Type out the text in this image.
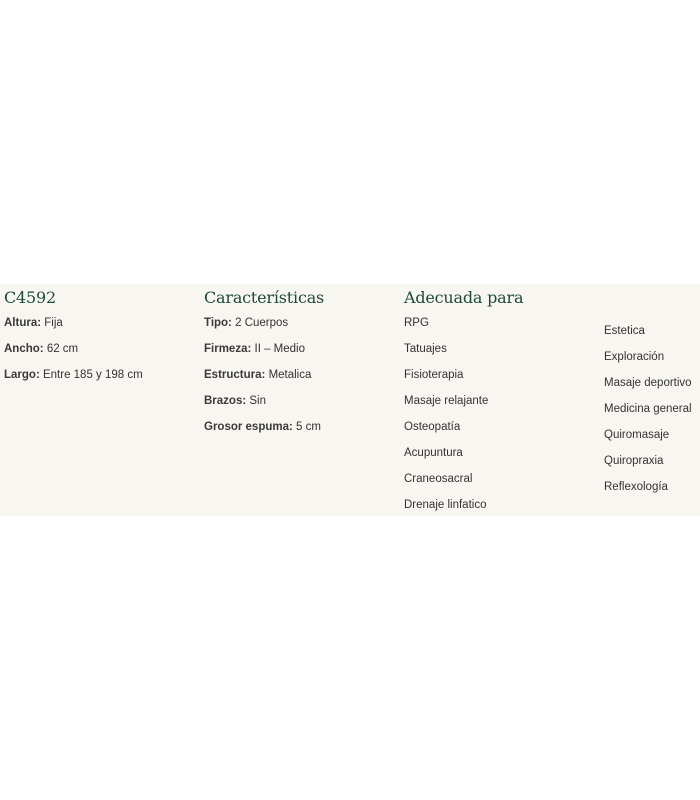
C4592
Altura: Fija
Ancho: 62 cm
Largo: Entre 185 y 198 cm
Características
Tipo: 2 Cuerpos
Firmeza: II – Medio
Estructura: Metalica
Brazos: Sin
Grosor espuma: 5 cm
Adecuada para
RPG
Tatuajes
Fisioterapia
Masaje relajante
Osteopatía
Acupuntura
Craneosacral
Drenaje linfatico
Estetica
Exploración
Masaje deportivo
Medicina general
Quiromasaje
Quiropraxia
Reflexología
